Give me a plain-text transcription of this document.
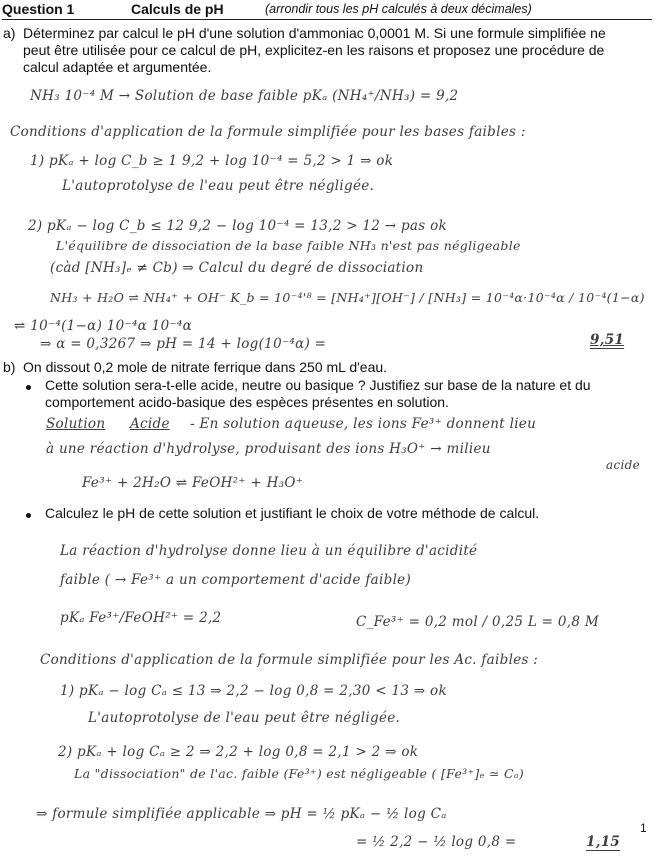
Question 1	Calculs de pH	(arrondir tous les pH calculés à deux décimales)
a) Déterminez par calcul le pH d'une solution d'ammoniac 0,0001 M. Si une formule simplifiée ne peut être utilisée pour ce calcul de pH, explicitez-en les raisons et proposez une procédure de calcul adaptée et argumentée.
NH₃ 10⁻⁴ M → Solution de base faible pKₐ (NH₄⁺/NH₃) = 9,2
Conditions d'application de la formule simplifiée pour les bases faibles :
1) pKₐ + log C_b ≥ 1 9,2 + log 10⁻⁴ = 5,2 > 1 ⇒ ok
L'autoprotolyse de l'eau peut être négligée.
2) pKₐ − log C_b ≤ 12 9,2 − log 10⁻⁴ = 13,2 > 12 → pas ok
L'équilibre de dissociation de la base faible NH₃ n'est pas négligeable
(càd [NH₃]ₑ ≠ Cb) ⇒ Calcul du degré de dissociation
NH₃ + H₂O ⇌ NH₄⁺ + OH⁻ K_b = 10⁻⁴'⁸ = [NH₄⁺][OH⁻] / [NH₃] = 10⁻⁴α·10⁻⁴α / 10⁻⁴(1−α)
⇌ 10⁻⁴(1−α) 10⁻⁴α 10⁻⁴α
⇒ α = 0,3267 ⇒ pH = 14 + log(10⁻⁴α) =	9,51
b) On dissout 0,2 mole de nitrate ferrique dans 250 mL d'eau.
Cette solution sera-t-elle acide, neutre ou basique ? Justifiez sur base de la nature et du comportement acido-basique des espèces présentes en solution.
Solution Acide - En solution aqueuse, les ions Fe³⁺ donnent lieu
à une réaction d'hydrolyse, produisant des ions H₃O⁺ → milieu
acide
Fe³⁺ + 2H₂O ⇌ FeOH²⁺ + H₃O⁺
Calculez le pH de cette solution et justifiant le choix de votre méthode de calcul.
La réaction d'hydrolyse donne lieu à un équilibre d'acidité
faible ( → Fe³⁺ a un comportement d'acide faible)
pKₐ Fe³⁺/FeOH²⁺ = 2,2	C_Fe³⁺ = 0,2 mol / 0,25 L = 0,8 M
Conditions d'application de la formule simplifiée pour les Ac. faibles :
1) pKₐ − log Cₐ ≤ 13 ⇒ 2,2 − log 0,8 = 2,30 < 13 ⇒ ok
L'autoprotolyse de l'eau peut être négligée.
2) pKₐ + log Cₐ ≥ 2 ⇒ 2,2 + log 0,8 = 2,1 > 2 ⇒ ok
La "dissociation" de l'ac. faible (Fe³⁺) est négligeable ( [Fe³⁺]ₑ ≃ Cₐ)
⇒ formule simplifiée applicable ⇒ pH = ½ pKₐ − ½ log Cₐ
= ½ 2,2 − ½ log 0,8 =	1,15
1
